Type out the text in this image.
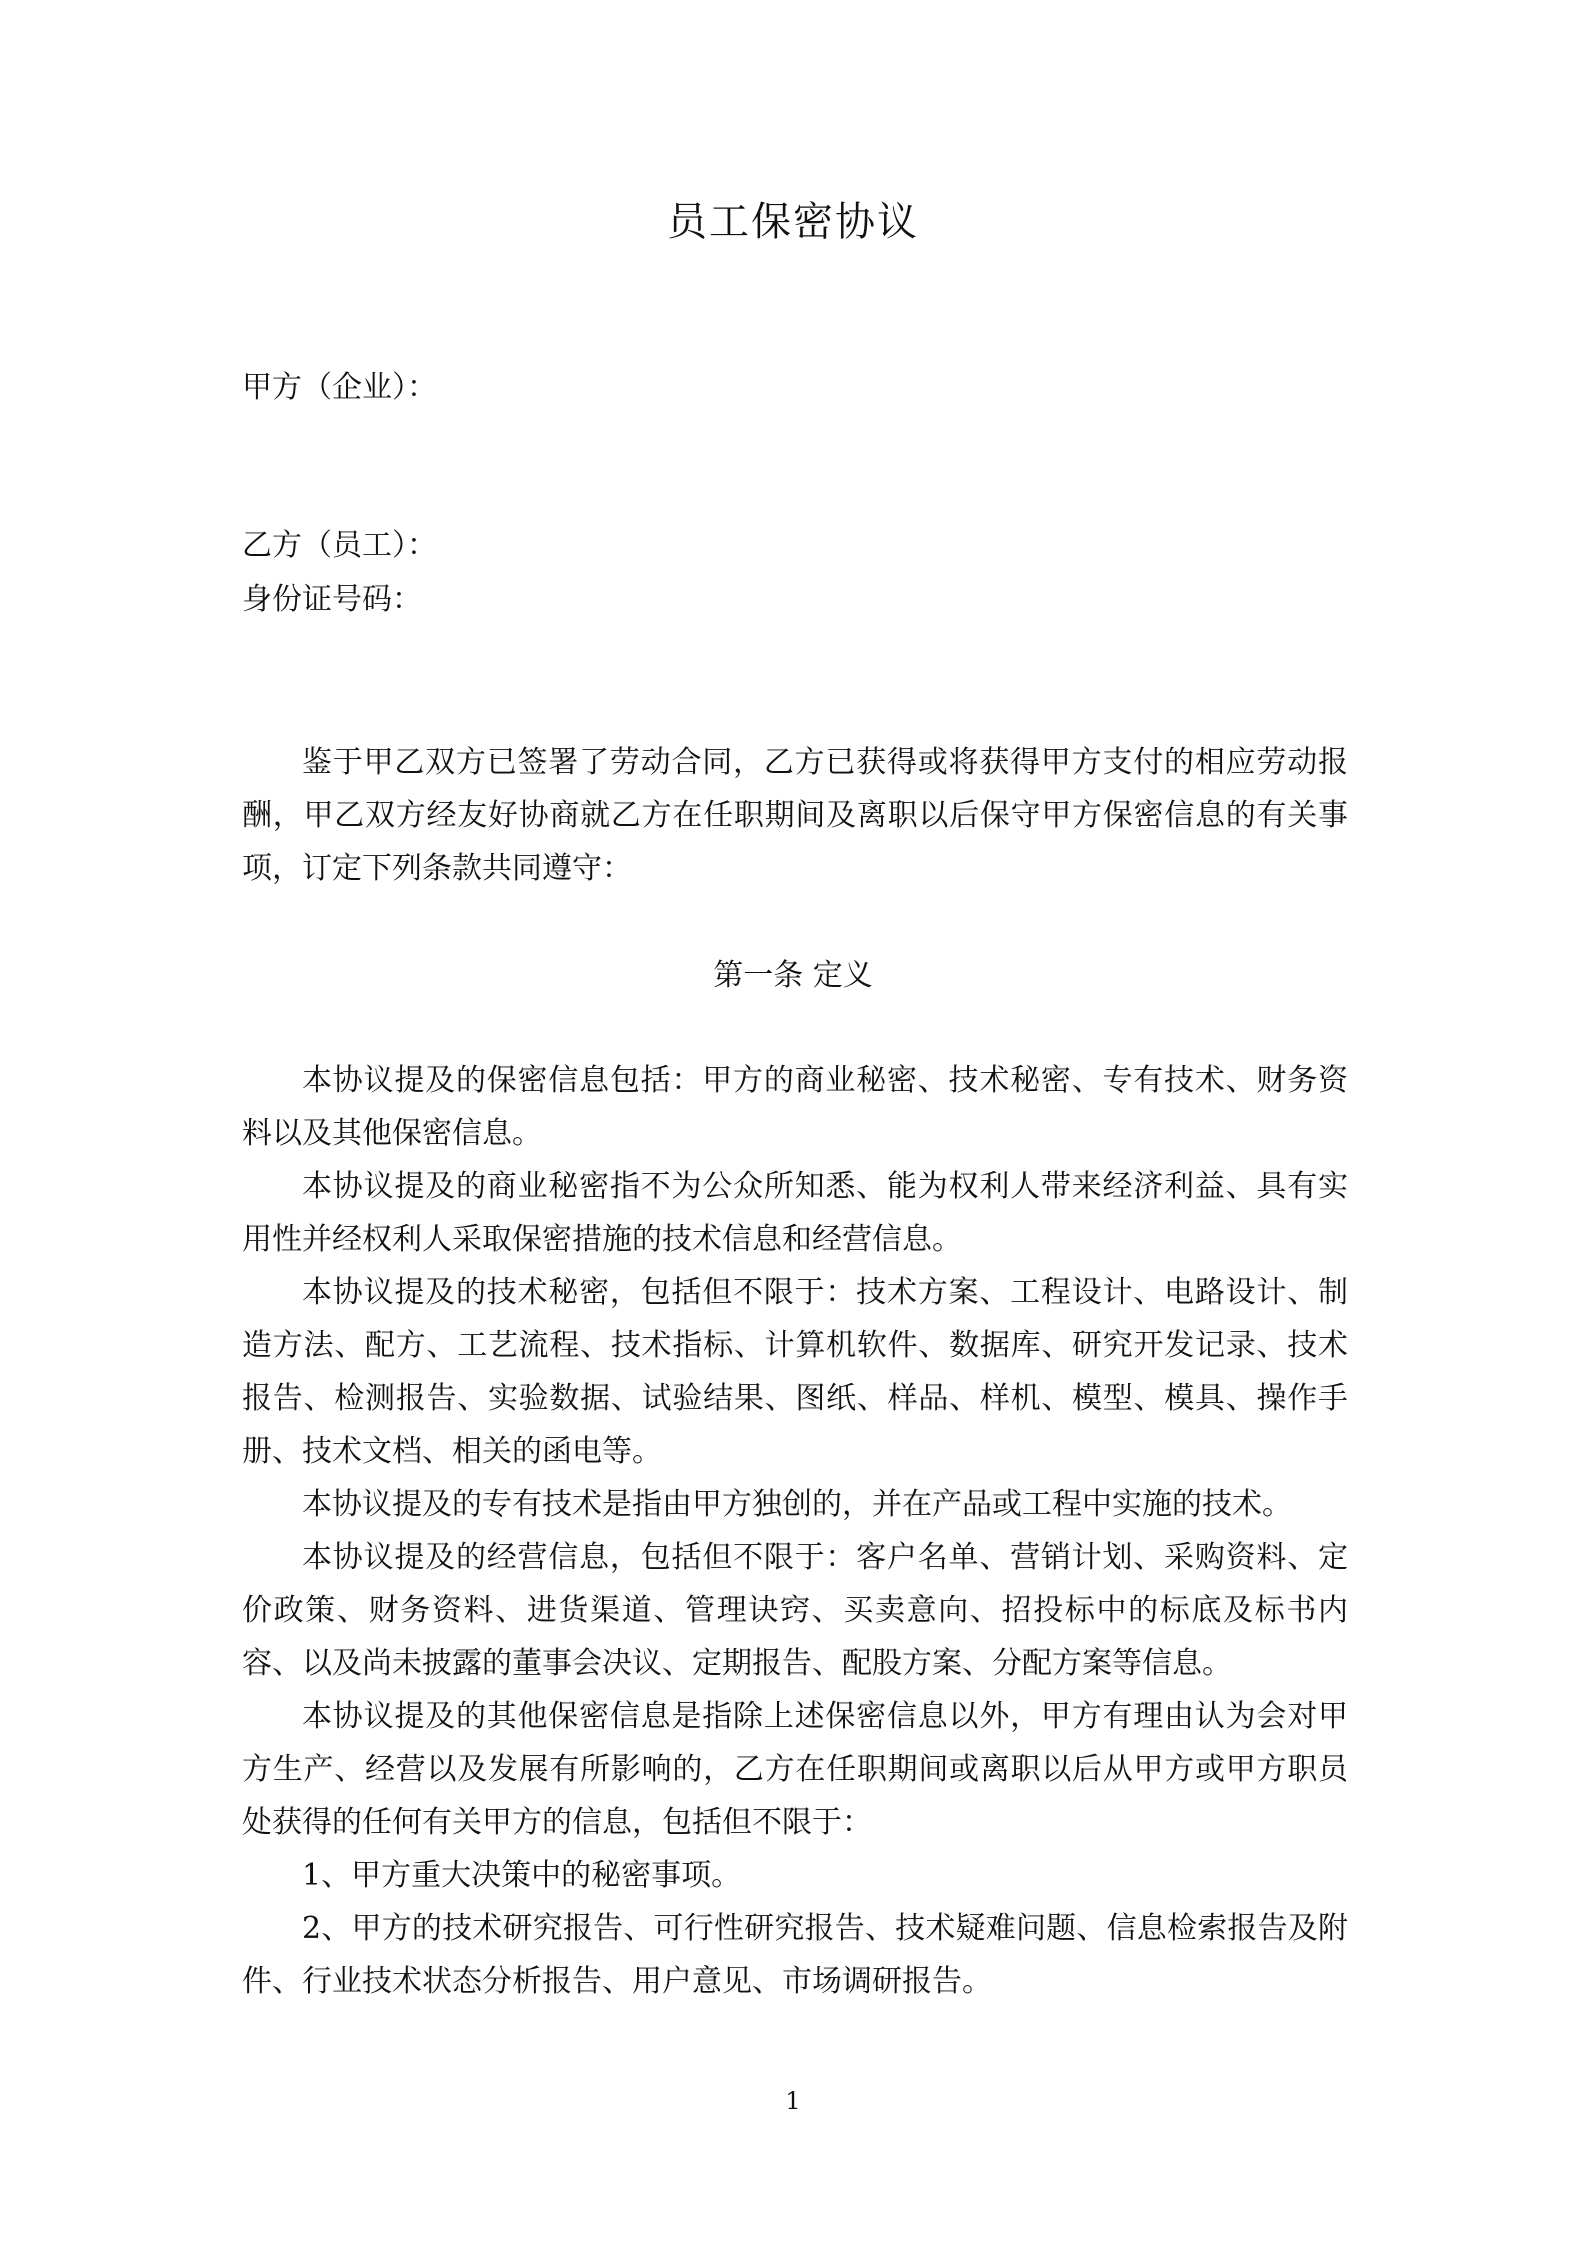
员工保密协议
甲方（企业）：
乙方（员工）：
身份证号码：

鉴于甲乙双方已签署了劳动合同，乙方已获得或将获得甲方支付的相应劳动报酬，甲乙双方经友好协商就乙方在任职期间及离职以后保守甲方保密信息的有关事项，订定下列条款共同遵守：

第一条 定义

本协议提及的保密信息包括：甲方的商业秘密、技术秘密、专有技术、财务资料以及其他保密信息。

本协议提及的商业秘密指不为公众所知悉、能为权利人带来经济利益、具有实用性并经权利人采取保密措施的技术信息和经营信息。

本协议提及的技术秘密，包括但不限于：技术方案、工程设计、电路设计、制造方法、配方、工艺流程、技术指标、计算机软件、数据库、研究开发记录、技术报告、检测报告、实验数据、试验结果、图纸、样品、样机、模型、模具、操作手册、技术文档、相关的函电等。

本协议提及的专有技术是指由甲方独创的，并在产品或工程中实施的技术。

本协议提及的经营信息，包括但不限于：客户名单、营销计划、采购资料、定价政策、财务资料、进货渠道、管理诀窍、买卖意向、招投标中的标底及标书内容、以及尚未披露的董事会决议、定期报告、配股方案、分配方案等信息。

本协议提及的其他保密信息是指除上述保密信息以外，甲方有理由认为会对甲方生产、经营以及发展有所影响的，乙方在任职期间或离职以后从甲方或甲方职员处获得的任何有关甲方的信息，包括但不限于：

1、甲方重大决策中的秘密事项。

2、甲方的技术研究报告、可行性研究报告、技术疑难问题、信息检索报告及附件、行业技术状态分析报告、用户意见、市场调研报告。

1
